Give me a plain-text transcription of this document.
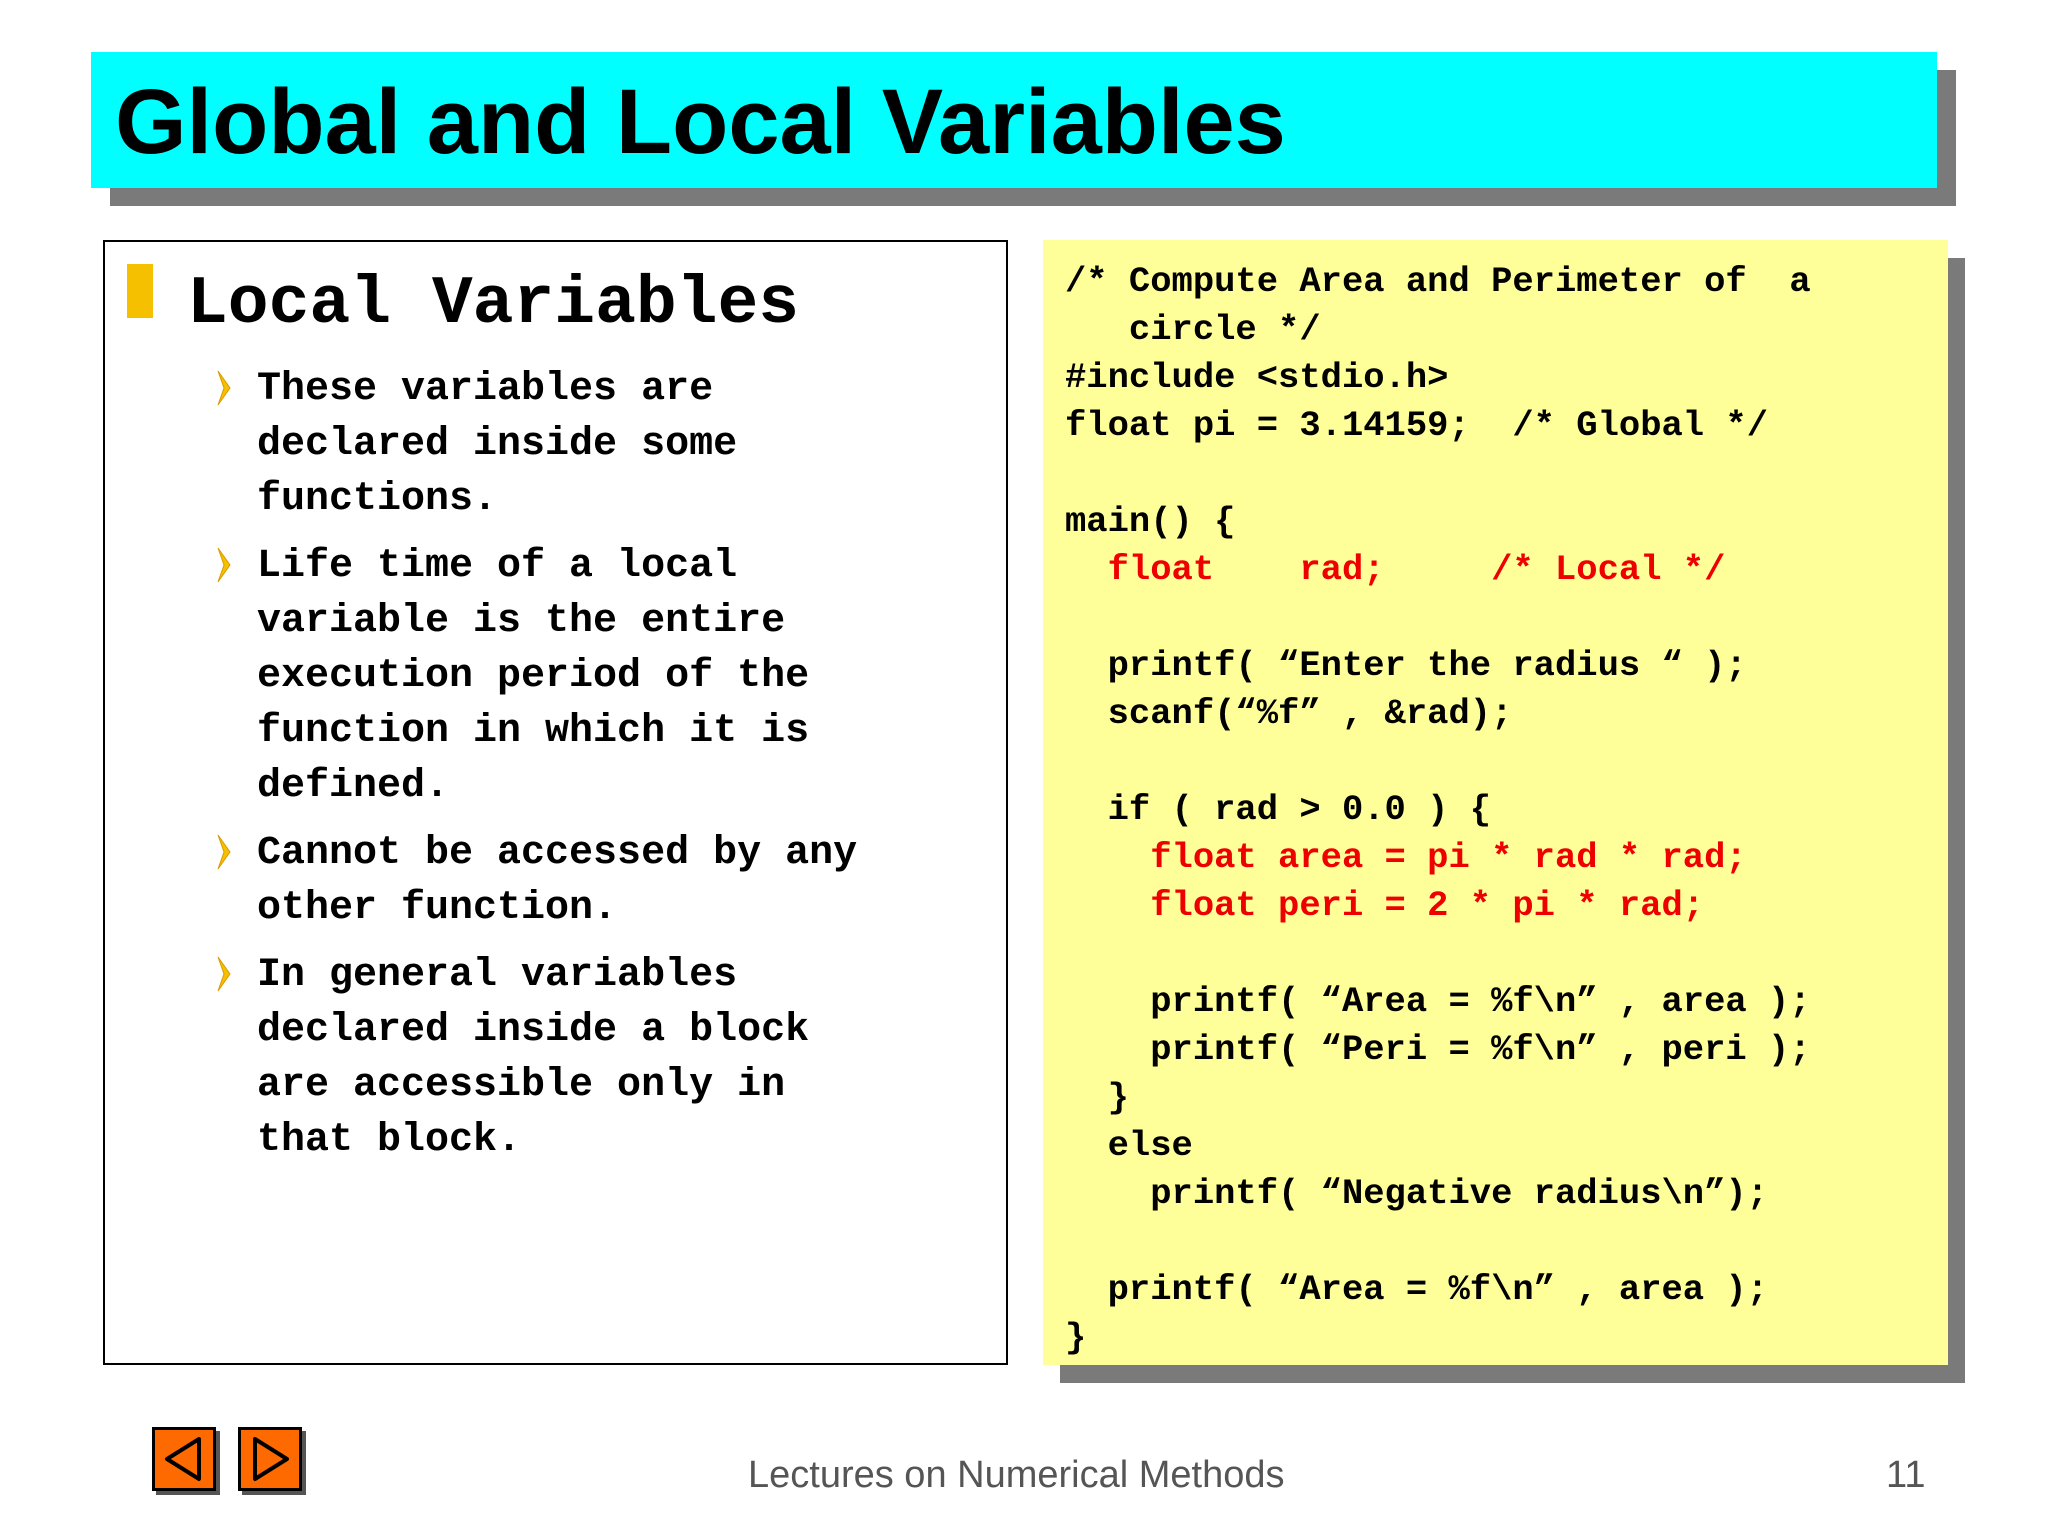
Global and Local Variables
Local Variables
These variables are
declared inside some
functions.
Life time of a local
variable is the entire
execution period of the
function in which it is
defined.
Cannot be accessed by any
other function.
In general variables
declared inside a block
are accessible only in
that block.
/* Compute Area and Perimeter of  a
circle */
#include <stdio.h>
float pi = 3.14159;  /* Global */

main() {
float    rad;     /* Local */

printf( “Enter the radius “ );
scanf(“%f” , &rad);

if ( rad > 0.0 ) {
float area = pi * rad * rad;
float peri = 2 * pi * rad;

printf( “Area = %f\n” , area );
printf( “Peri = %f\n” , peri );
}
else
printf( “Negative radius\n”);

printf( “Area = %f\n” , area );
}
Lectures on Numerical Methods	11
